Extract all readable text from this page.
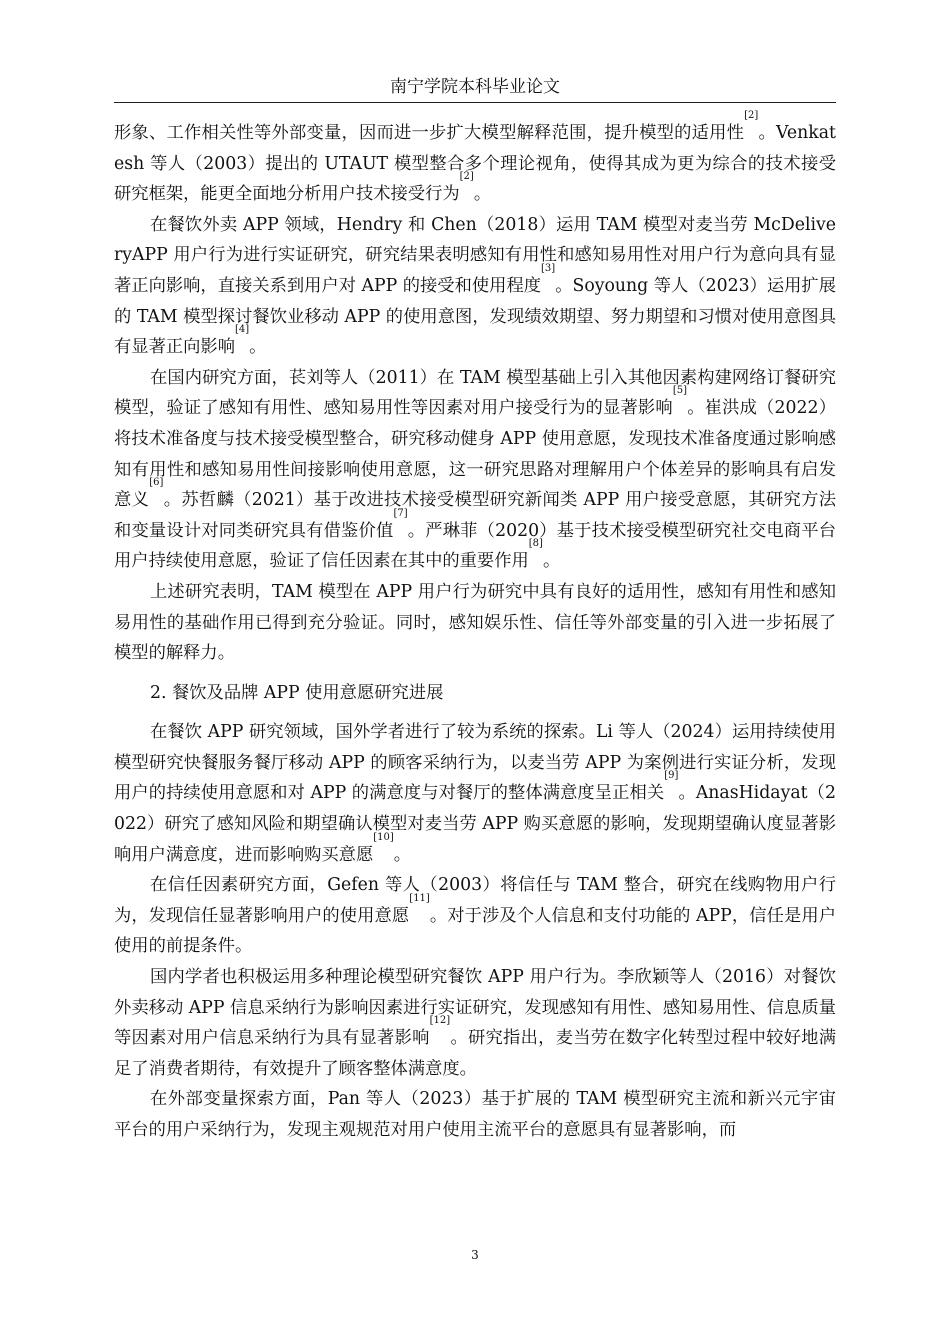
南宁学院本科毕业论文

形象、工作相关性等外部变量，因而进一步扩大模型解释范围，提升模型的适用性[2]。Venkatesh 等人（2003）提出的 UTAUT 模型整合多个理论视角，使得其成为更为综合的技术接受研究框架，能更全面地分析用户技术接受行为[2]。

在餐饮外卖 APP 领域，Hendry 和 Chen（2018）运用 TAM 模型对麦当劳 McDeliveryAPP 用户行为进行实证研究，研究结果表明感知有用性和感知易用性对用户行为意向具有显著正向影响，直接关系到用户对 APP 的接受和使用程度[3]。Soyoung 等人（2023）运用扩展的 TAM 模型探讨餐饮业移动 APP 的使用意图，发现绩效期望、努力期望和习惯对使用意图具有显著正向影响[4]。

在国内研究方面，苌刘等人（2011）在 TAM 模型基础上引入其他因素构建网络订餐研究模型，验证了感知有用性、感知易用性等因素对用户接受行为的显著影响[5]。崔洪成（2022）将技术准备度与技术接受模型整合，研究移动健身 APP 使用意愿，发现技术准备度通过影响感知有用性和感知易用性间接影响使用意愿，这一研究思路对理解用户个体差异的影响具有启发意义[6]。苏哲麟（2021）基于改进技术接受模型研究新闻类 APP 用户接受意愿，其研究方法和变量设计对同类研究具有借鉴价值[7]。严琳菲（2020）基于技术接受模型研究社交电商平台用户持续使用意愿，验证了信任因素在其中的重要作用[8]。

上述研究表明，TAM 模型在 APP 用户行为研究中具有良好的适用性，感知有用性和感知易用性的基础作用已得到充分验证。同时，感知娱乐性、信任等外部变量的引入进一步拓展了模型的解释力。

2. 餐饮及品牌 APP 使用意愿研究进展

在餐饮 APP 研究领域，国外学者进行了较为系统的探索。Li 等人（2024）运用持续使用模型研究快餐服务餐厅移动 APP 的顾客采纳行为，以麦当劳 APP 为案例进行实证分析，发现用户的持续使用意愿和对 APP 的满意度与对餐厅的整体满意度呈正相关[9]。AnasHidayat（2022）研究了感知风险和期望确认模型对麦当劳 APP 购买意愿的影响，发现期望确认度显著影响用户满意度，进而影响购买意愿[10]。

在信任因素研究方面，Gefen 等人（2003）将信任与 TAM 整合，研究在线购物用户行为，发现信任显著影响用户的使用意愿[11]。对于涉及个人信息和支付功能的 APP，信任是用户使用的前提条件。

国内学者也积极运用多种理论模型研究餐饮 APP 用户行为。李欣颖等人（2016）对餐饮外卖移动 APP 信息采纳行为影响因素进行实证研究，发现感知有用性、感知易用性、信息质量等因素对用户信息采纳行为具有显著影响[12]。研究指出，麦当劳在数字化转型过程中较好地满足了消费者期待，有效提升了顾客整体满意度。

在外部变量探索方面，Pan 等人（2023）基于扩展的 TAM 模型研究主流和新兴元宇宙平台的用户采纳行为，发现主观规范对用户使用主流平台的意愿具有显著影响，而

3
